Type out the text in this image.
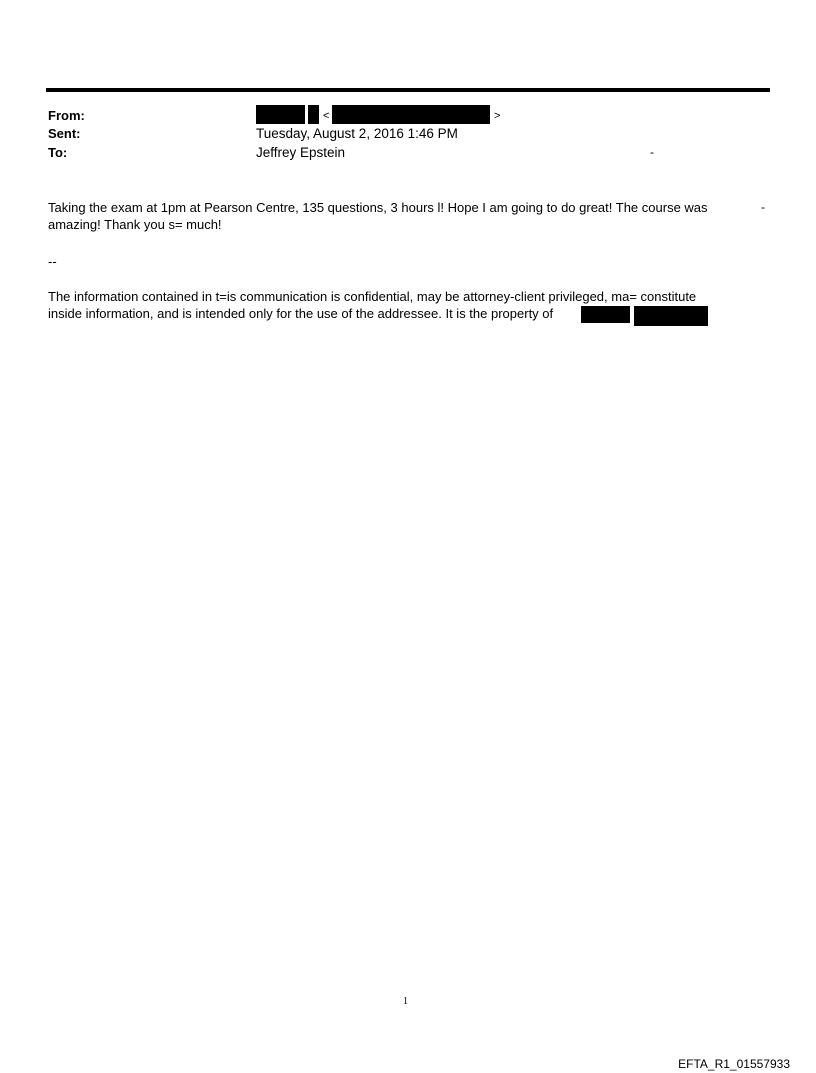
From:	<	>
Sent:	Tuesday, August 2, 2016 1:46 PM
To:	Jeffrey Epstein	-
Taking the exam at 1pm at Pearson Centre, 135 questions, 3 hours l! Hope I am going to do great! The course was
amazing! Thank you s= much!
-
--
The information contained in t=is communication is confidential, may be attorney-client privileged, ma= constitute
inside information, and is intended only for the use of the addressee. It is the property of
1
EFTA_R1_01557933
